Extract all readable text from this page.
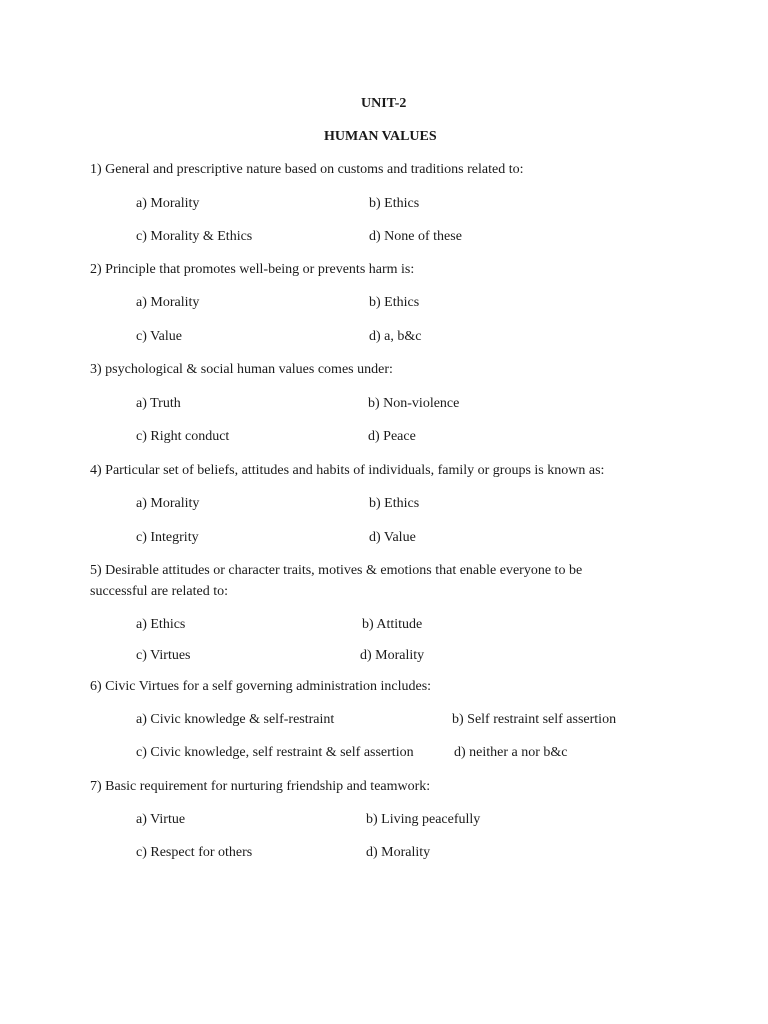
UNIT-2

HUMAN VALUES

1) General and prescriptive nature based on customs and traditions related to:

a) Morality	b) Ethics

c) Morality & Ethics	d) None of these

2) Principle that promotes well-being or prevents harm is:

a) Morality	b) Ethics

c) Value	d) a, b&c

3) psychological & social human values comes under:

a) Truth	b) Non-violence

c) Right conduct	d) Peace

4) Particular set of beliefs, attitudes and habits of individuals, family or groups is known as:

a) Morality	b) Ethics

c) Integrity	d) Value

5) Desirable attitudes or character traits, motives & emotions that enable everyone to be

successful are related to:

a) Ethics	b) Attitude

c) Virtues	d) Morality

6) Civic Virtues for a self governing administration includes:

a) Civic knowledge & self-restraint	b) Self restraint self assertion

c) Civic knowledge, self restraint & self assertion	d) neither a nor b&c

7) Basic requirement for nurturing friendship and teamwork:

a) Virtue	b) Living peacefully

c) Respect for others	d) Morality
